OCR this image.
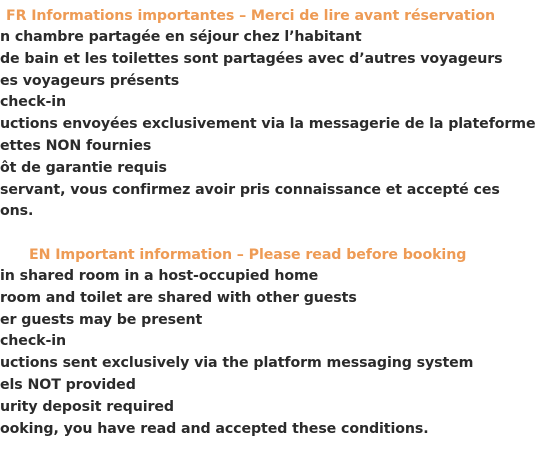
FR Informations importantes – Merci de lire avant réservation
n chambre partagée en séjour chez l’habitant
de bain et les toilettes sont partagées avec d’autres voyageurs
es voyageurs présents
check-in
uctions envoyées exclusivement via la messagerie de la plateforme
ettes NON fournies
ôt de garantie requis
servant, vous confirmez avoir pris connaissance et accepté ces
ons.
EN Important information – Please read before booking
in shared room in a host-occupied home
room and toilet are shared with other guests
er guests may be present
check-in
uctions sent exclusively via the platform messaging system
els NOT provided
urity deposit required
ooking, you have read and accepted these conditions.
